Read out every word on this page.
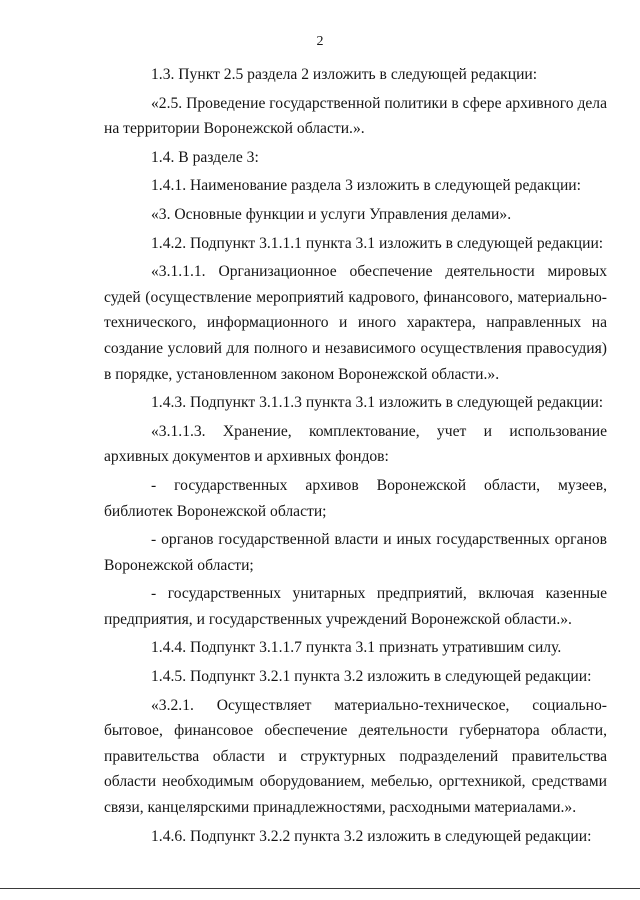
2

1.3. Пункт 2.5 раздела 2 изложить в следующей редакции:

«2.5. Проведение государственной политики в сфере архивного дела на территории Воронежской области.».

1.4. В разделе 3:

1.4.1. Наименование раздела 3 изложить в следующей редакции:

«3. Основные функции и услуги Управления делами».

1.4.2. Подпункт 3.1.1.1 пункта 3.1 изложить в следующей редакции:

«3.1.1.1. Организационное обеспечение деятельности мировых судей (осуществление мероприятий кадрового, финансового, материально-технического, информационного и иного характера, направленных на создание условий для полного и независимого осуществления правосудия) в порядке, установленном законом Воронежской области.».

1.4.3. Подпункт 3.1.1.3 пункта 3.1 изложить в следующей редакции:

«3.1.1.3. Хранение, комплектование, учет и использование архивных документов и архивных фондов:

- государственных архивов Воронежской области, музеев, библиотек Воронежской области;

- органов государственной власти и иных государственных органов Воронежской области;

- государственных унитарных предприятий, включая казенные предприятия, и государственных учреждений Воронежской области.».

1.4.4. Подпункт 3.1.1.7 пункта 3.1 признать утратившим силу.

1.4.5. Подпункт 3.2.1 пункта 3.2 изложить в следующей редакции:

«3.2.1. Осуществляет материально-техническое, социально-бытовое, финансовое обеспечение деятельности губернатора области, правительства области и структурных подразделений правительства области необходимым оборудованием, мебелью, оргтехникой, средствами связи, канцелярскими принадлежностями, расходными материалами.».

1.4.6. Подпункт 3.2.2 пункта 3.2 изложить в следующей редакции:
